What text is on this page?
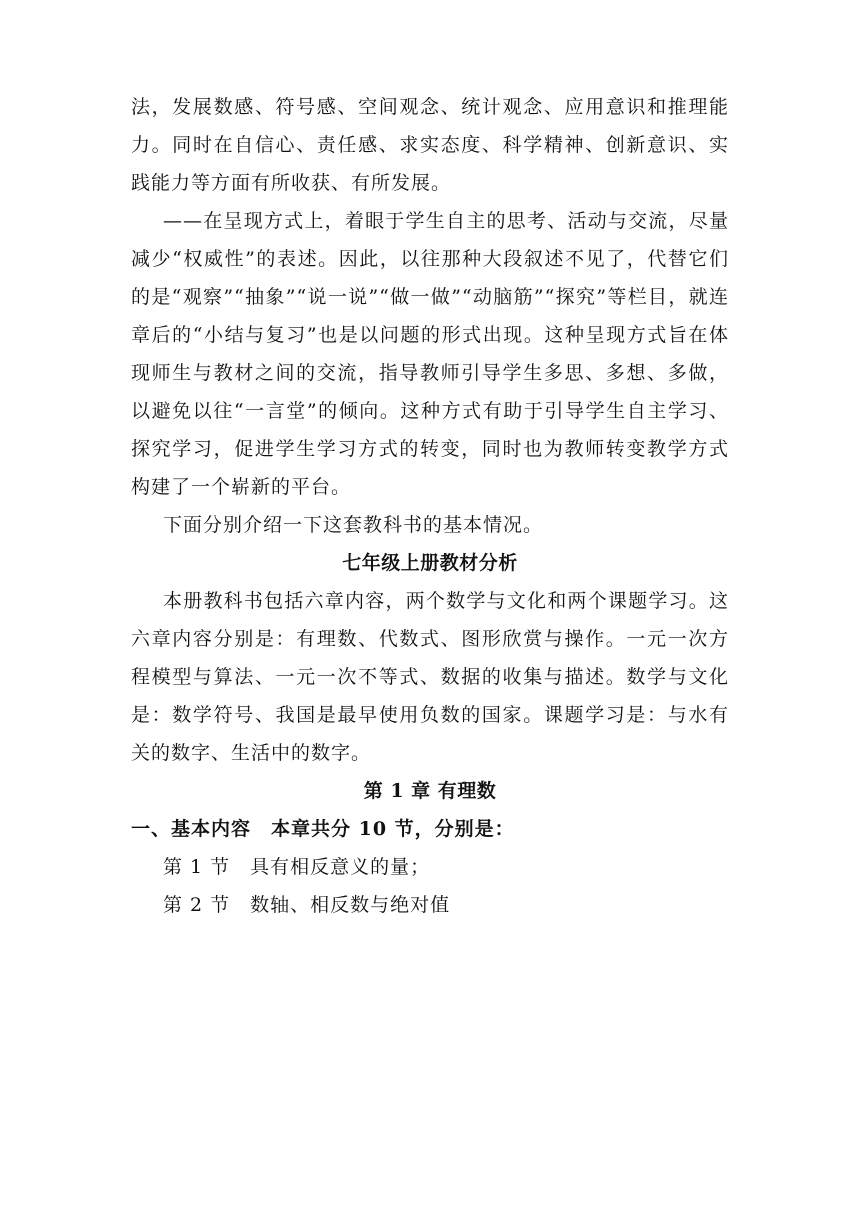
法，发展数感、符号感、空间观念、统计观念、应用意识和推理能力。同时在自信心、责任感、求实态度、科学精神、创新意识、实践能力等方面有所收获、有所发展。

——在呈现方式上，着眼于学生自主的思考、活动与交流，尽量减少“权威性”的表述。因此，以往那种大段叙述不见了，代替它们的是“观察”“抽象”“说一说”“做一做”“动脑筋”“探究”等栏目，就连章后的“小结与复习”也是以问题的形式出现。这种呈现方式旨在体现师生与教材之间的交流，指导教师引导学生多思、多想、多做，以避免以往“一言堂”的倾向。这种方式有助于引导学生自主学习、探究学习，促进学生学习方式的转变，同时也为教师转变教学方式构建了一个崭新的平台。

下面分别介绍一下这套教科书的基本情况。

七年级上册教材分析

本册教科书包括六章内容，两个数学与文化和两个课题学习。这六章内容分别是：有理数、代数式、图形欣赏与操作。一元一次方程模型与算法、一元一次不等式、数据的收集与描述。数学与文化是：数学符号、我国是最早使用负数的国家。课题学习是：与水有关的数字、生活中的数字。

第 1 章 有理数

一、基本内容　本章共分 10 节，分别是：

第 1 节　具有相反意义的量；

第 2 节　数轴、相反数与绝对值
